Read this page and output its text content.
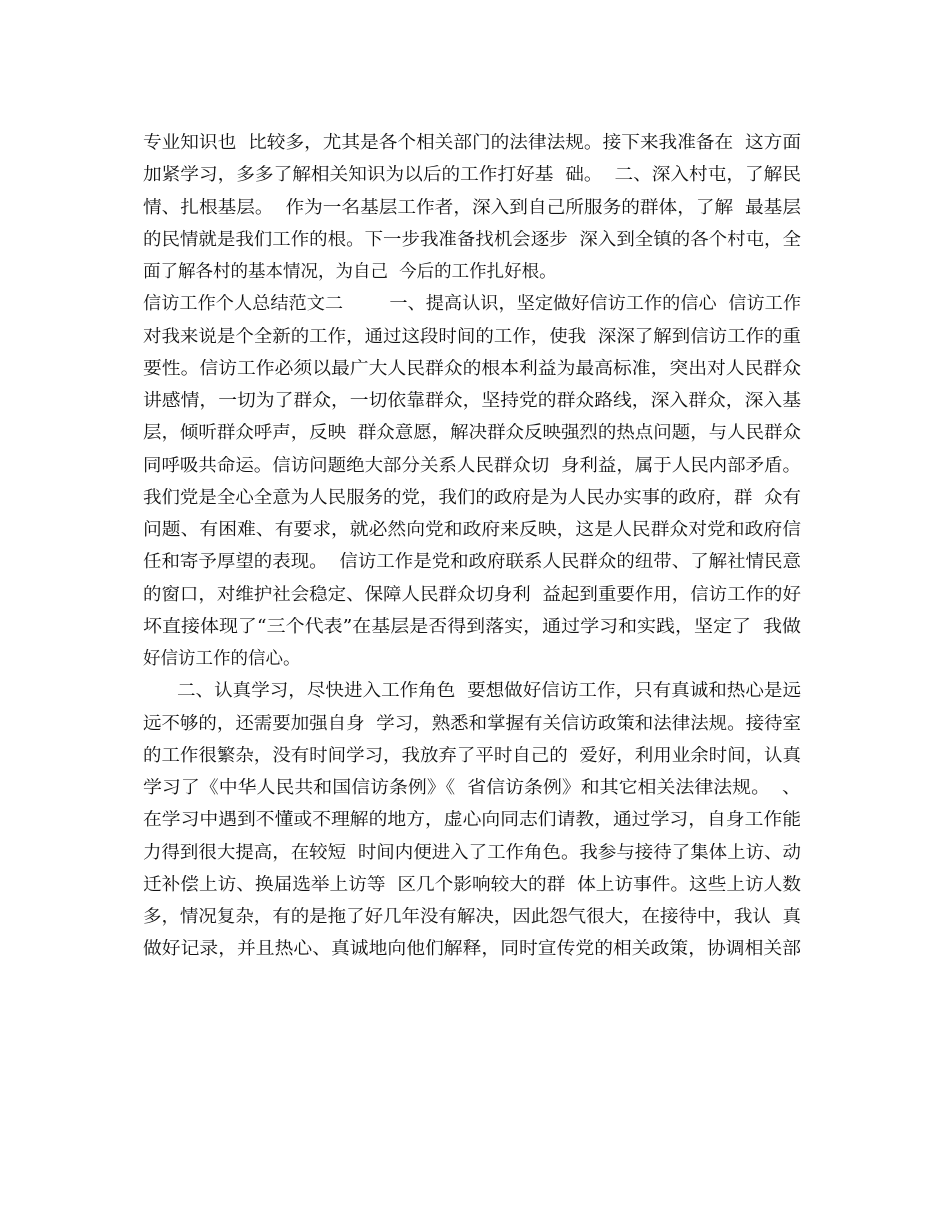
专业知识也  比较多，尤其是各个相关部门的法律法规。接下来我准备在  这方面

加紧学习，多多了解相关知识为以后的工作打好基  础。  二、深入村屯，了解民

情、扎根基层。  作为一名基层工作者，深入到自己所服务的群体，了解  最基层

的民情就是我们工作的根。下一步我准备找机会逐步  深入到全镇的各个村屯，全

面了解各村的基本情况，为自己  今后的工作扎好根。

信访工作个人总结范文二        一、提高认识，坚定做好信访工作的信心  信访工作

对我来说是个全新的工作，通过这段时间的工作，使我  深深了解到信访工作的重

要性。信访工作必须以最广大人民群众的根本利益为最高标准，突出对人民群众

讲感情，一切为了群众，一切依靠群众，坚持党的群众路线，深入群众，深入基

层，倾听群众呼声，反映  群众意愿，解决群众反映强烈的热点问题，与人民群众

同呼吸共命运。信访问题绝大部分关系人民群众切  身利益，属于人民内部矛盾。

我们党是全心全意为人民服务的党，我们的政府是为人民办实事的政府，群  众有

问题、有困难、有要求，就必然向党和政府来反映，这是人民群众对党和政府信

任和寄予厚望的表现。  信访工作是党和政府联系人民群众的纽带、了解社情民意

的窗口，对维护社会稳定、保障人民群众切身利  益起到重要作用，信访工作的好

坏直接体现了“三个代表”在基层是否得到落实，通过学习和实践，坚定了  我做

好信访工作的信心。

二、认真学习，尽快进入工作角色  要想做好信访工作，只有真诚和热心是远

远不够的，还需要加强自身  学习，熟悉和掌握有关信访政策和法律法规。接待室

的工作很繁杂，没有时间学习，我放弃了平时自己的  爱好，利用业余时间，认真

学习了《中华人民共和国信访条例》《  省信访条例》和其它相关法律法规。  、

在学习中遇到不懂或不理解的地方，虚心向同志们请教，通过学习，自身工作能

力得到很大提高，在较短  时间内便进入了工作角色。我参与接待了集体上访、动

迁补偿上访、换届选举上访等  区几个影响较大的群  体上访事件。这些上访人数

多，情况复杂，有的是拖了好几年没有解决，因此怨气很大，在接待中，我认  真

做好记录，并且热心、真诚地向他们解释，同时宣传党的相关政策，协调相关部
